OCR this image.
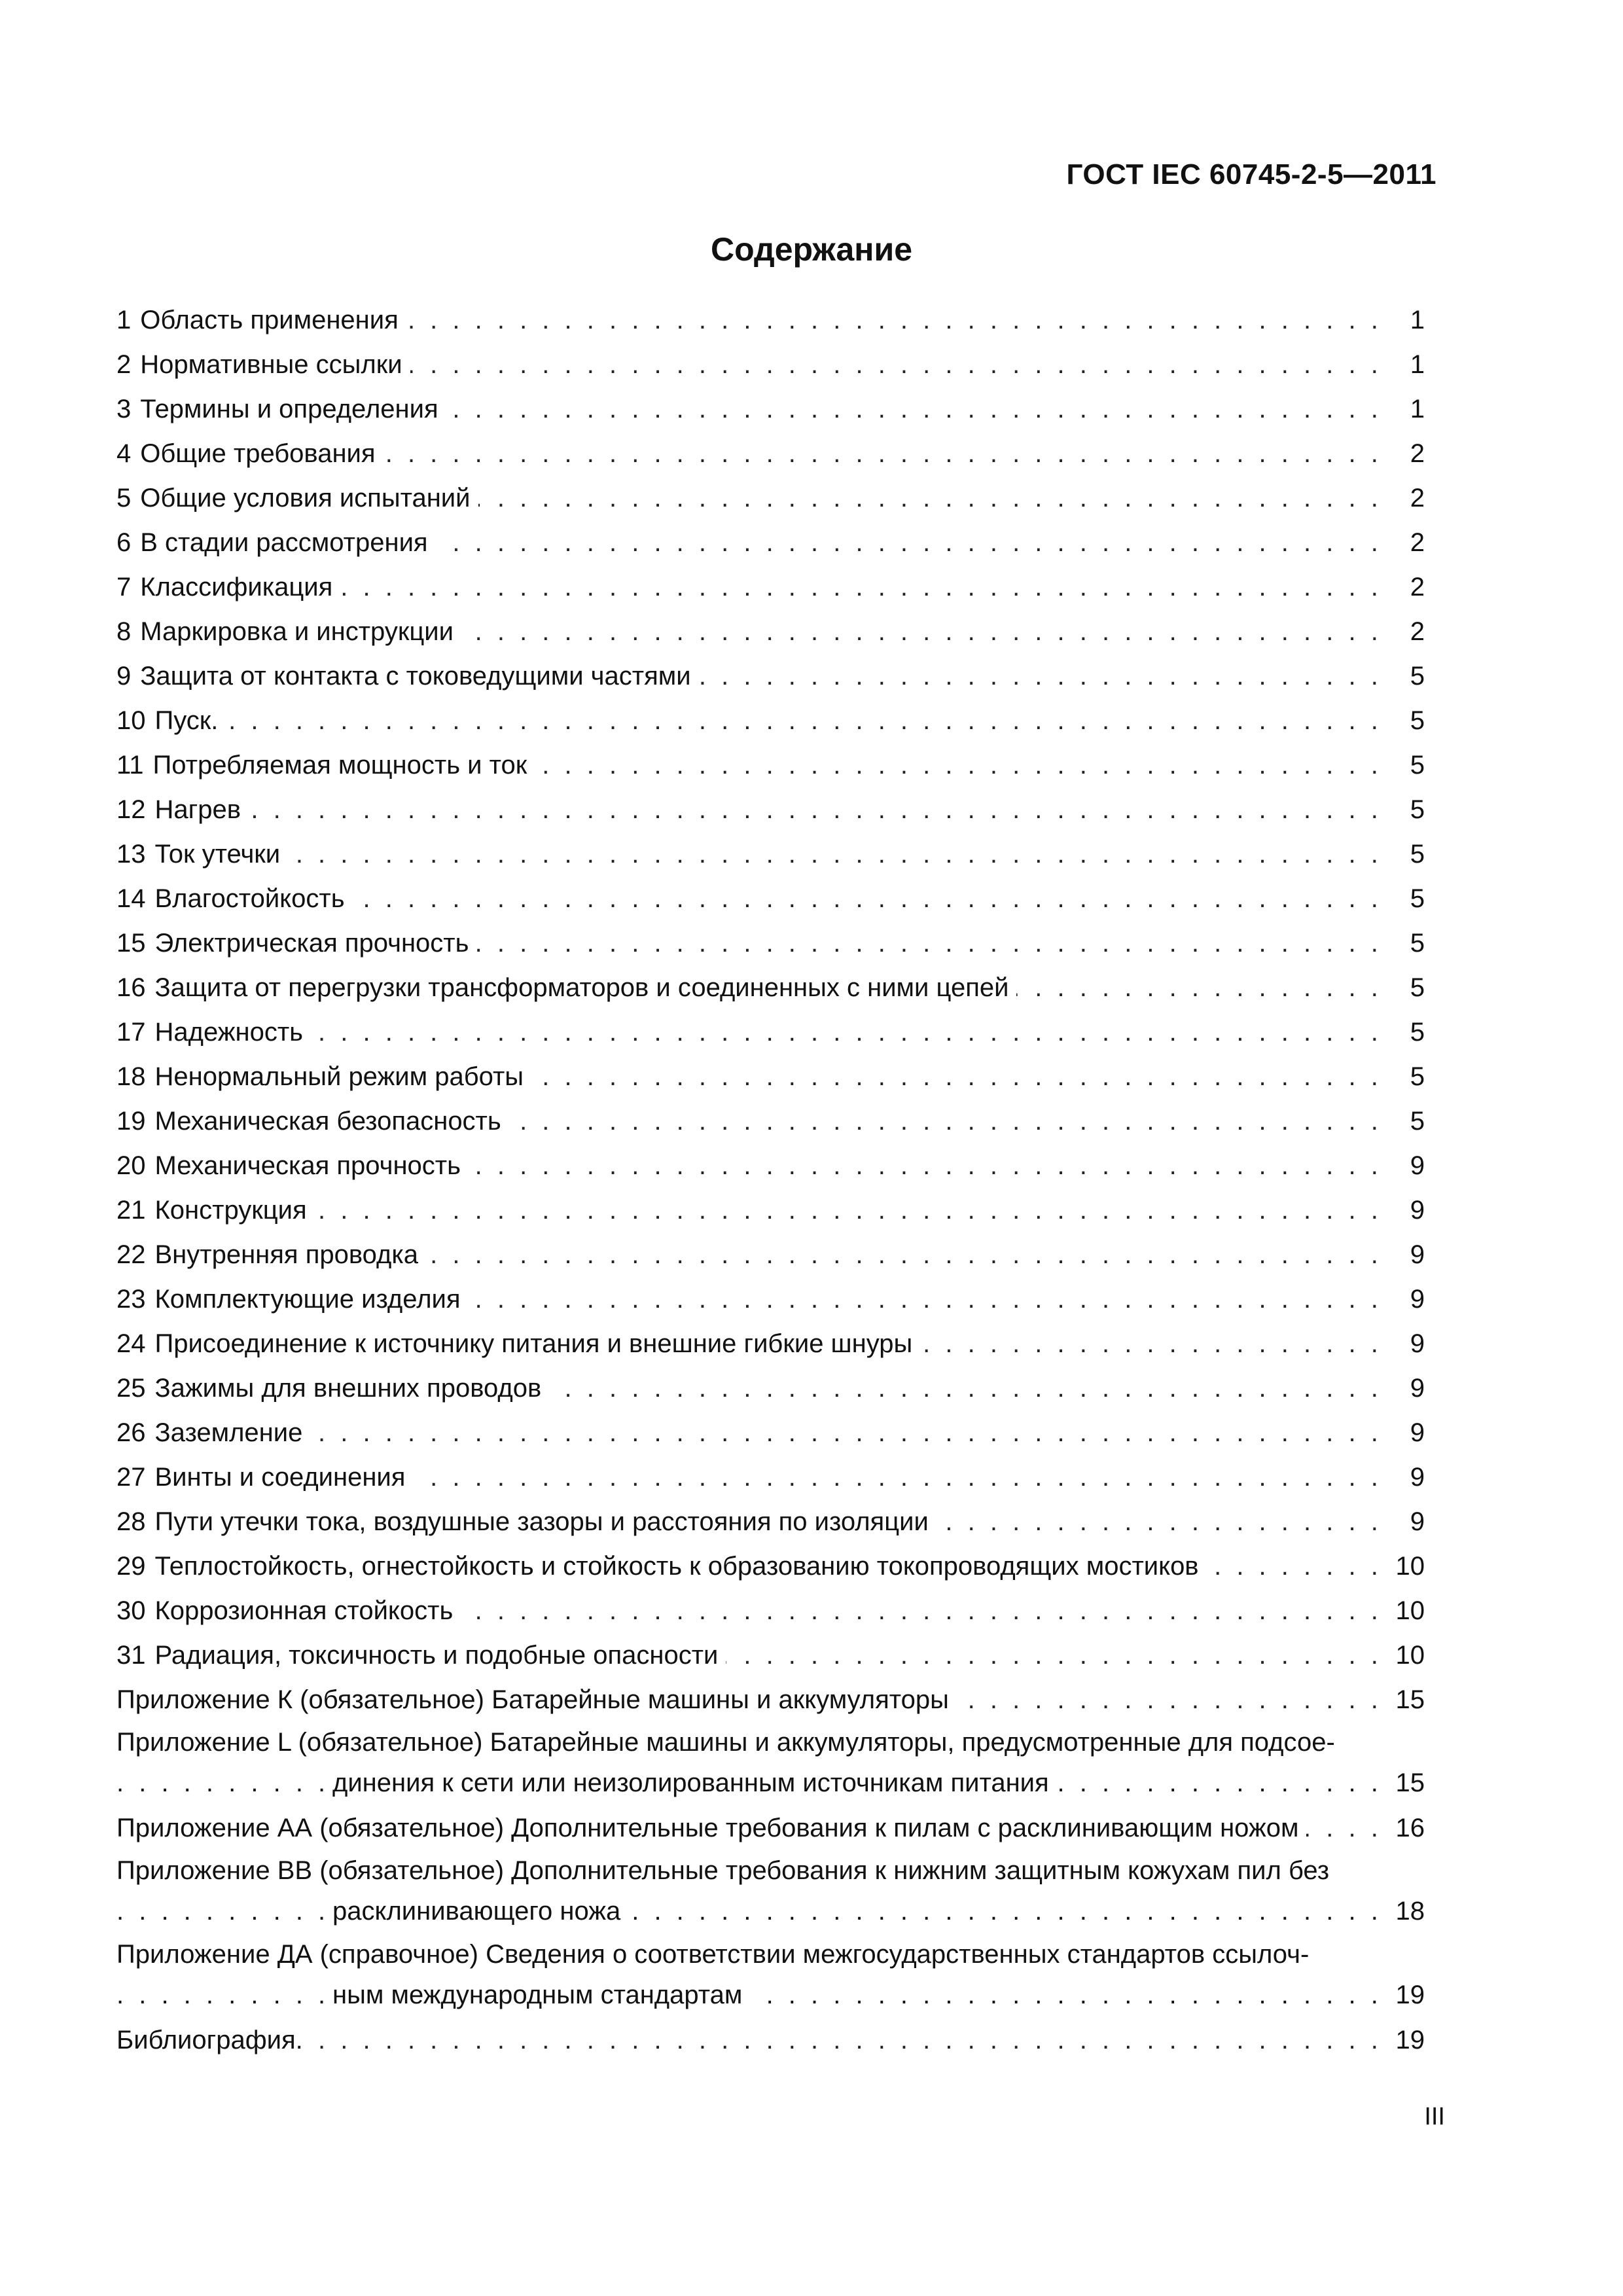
ГОСТ IEC 60745-2-5—2011
Содержание
. . .
1 Область применения	1
. . .
2 Нормативные ссылки	1
. . .
3 Термины и определения	1
. . .
4 Общие требования	2
. . .
5 Общие условия испытаний	2
. . .
6 В стадии рассмотрения	2
. . .
7 Классификация	2
. . .
8 Маркировка и инструкции	2
. . .
9 Защита от контакта с токоведущими частями	5
. . .
10 Пуск.	5
. . .
11 Потребляемая мощность и ток	5
. . .
12 Нагрев	5
. . .
13 Ток утечки	5
. . .
14 Влагостойкость	5
. . .
15 Электрическая прочность	5
. . .
16 Защита от перегрузки трансформаторов и соединенных с ними цепей	5
. . .
17 Надежность	5
. . .
18 Ненормальный режим работы	5
. . .
19 Механическая безопасность	5
. . .
20 Механическая прочность	9
. . .
21 Конструкция	9
. . .
22 Внутренняя проводка	9
. . .
23 Комплектующие изделия	9
. . .
24 Присоединение к источнику питания и внешние гибкие шнуры	9
. . .
25 Зажимы для внешних проводов	9
. . .
26 Заземление	9
. . .
27 Винты и соединения	9
. . .
28 Пути утечки тока, воздушные зазоры и расстояния по изоляции	9
. . .
29 Теплостойкость, огнестойкость и стойкость к образованию токопроводящих мостиков	10
. . .
30 Коррозионная стойкость	10
. . .
31 Радиация, токсичность и подобные опасности	10
. . .
Приложение К (обязательное) Батарейные машины и аккумуляторы	15
Приложение L (обязательное) Батарейные машины и аккумуляторы, предусмотренные для подсое-
. . .
динения к сети или неизолированным источникам питания	15
. . .
Приложение АА (обязательное) Дополнительные требования к пилам с расклинивающим ножом	16
Приложение ВВ (обязательное) Дополнительные требования к нижним защитным кожухам пил без
. . .
расклинивающего ножа	18
Приложение ДА (справочное) Сведения о соответствии межгосударственных стандартов ссылоч-
. . .
ным международным стандартам	19
. . .
Библиография.	19
III
